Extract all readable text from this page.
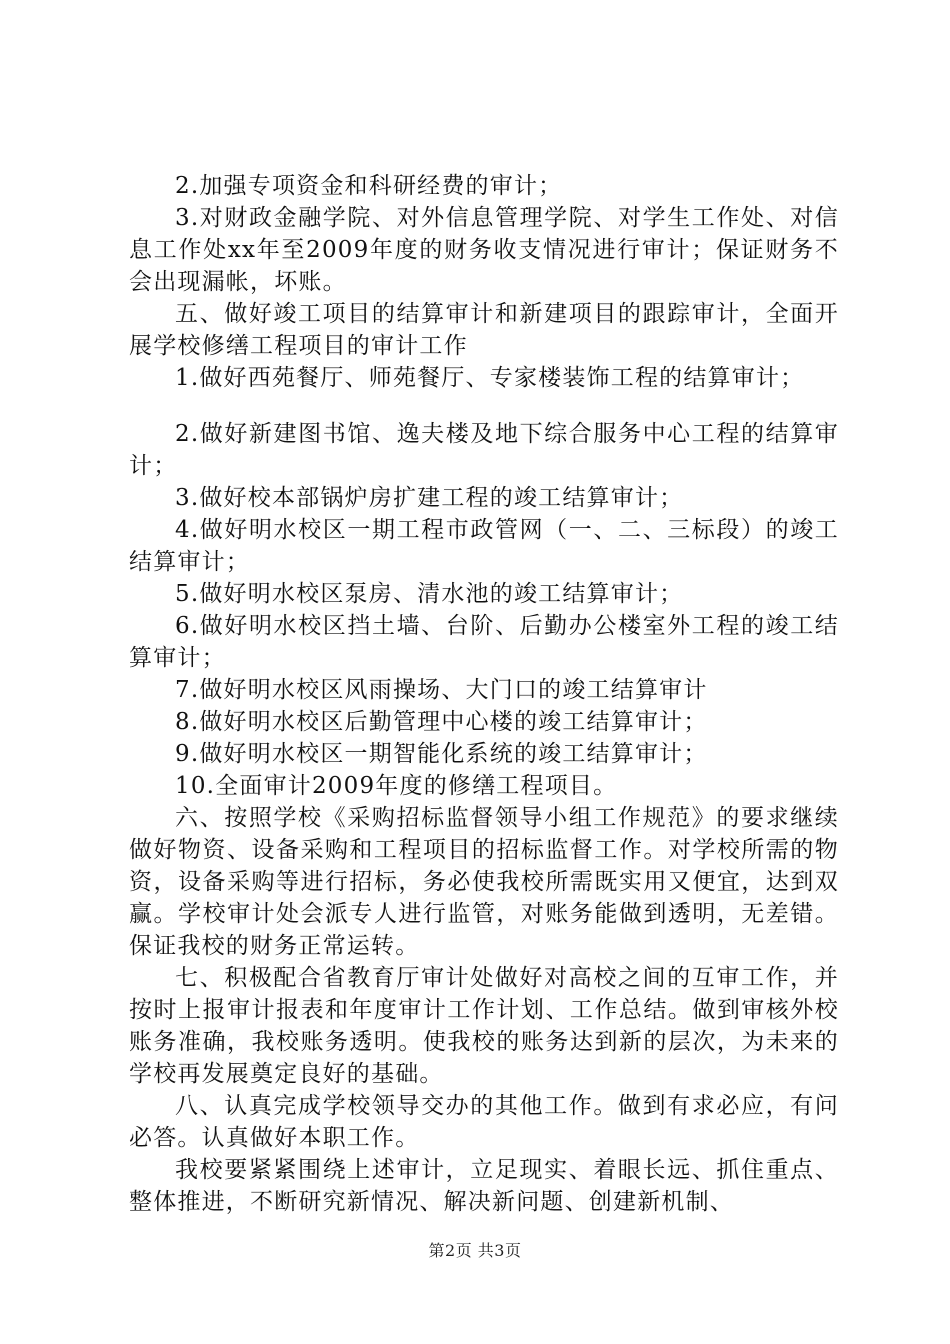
2.加强专项资金和科研经费的审计；

3.对财政金融学院、对外信息管理学院、对学生工作处、对信息工作处xx年至2009年度的财务收支情况进行审计；保证财务不会出现漏帐，坏账。

五、做好竣工项目的结算审计和新建项目的跟踪审计，全面开展学校修缮工程项目的审计工作

1.做好西苑餐厅、师苑餐厅、专家楼装饰工程的结算审计；

2.做好新建图书馆、逸夫楼及地下综合服务中心工程的结算审计；

3.做好校本部锅炉房扩建工程的竣工结算审计；

4.做好明水校区一期工程市政管网（一、二、三标段）的竣工结算审计；

5.做好明水校区泵房、清水池的竣工结算审计；

6.做好明水校区挡土墙、台阶、后勤办公楼室外工程的竣工结算审计；

7.做好明水校区风雨操场、大门口的竣工结算审计

8.做好明水校区后勤管理中心楼的竣工结算审计；

9.做好明水校区一期智能化系统的竣工结算审计；

10.全面审计2009年度的修缮工程项目。

六、按照学校《采购招标监督领导小组工作规范》的要求继续做好物资、设备采购和工程项目的招标监督工作。对学校所需的物资，设备采购等进行招标，务必使我校所需既实用又便宜，达到双赢。学校审计处会派专人进行监管，对账务能做到透明，无差错。保证我校的财务正常运转。

七、积极配合省教育厅审计处做好对高校之间的互审工作，并按时上报审计报表和年度审计工作计划、工作总结。做到审核外校账务准确，我校账务透明。使我校的账务达到新的层次，为未来的学校再发展奠定良好的基础。

八、认真完成学校领导交办的其他工作。做到有求必应，有问必答。认真做好本职工作。

我校要紧紧围绕上述审计，立足现实、着眼长远、抓住重点、整体推进，不断研究新情况、解决新问题、创建新机制、

第2页 共3页
